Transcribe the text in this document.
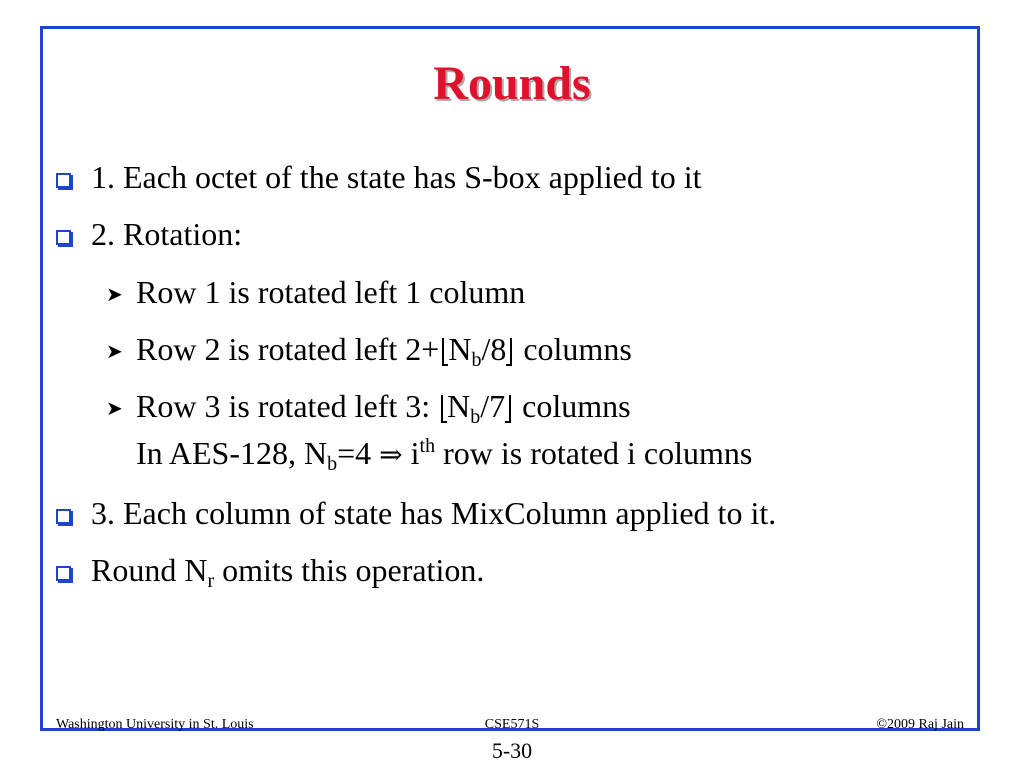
Rounds
1. Each octet of the state has S-box applied to it
2. Rotation:
➤ Row 1 is rotated left 1 column
➤ Row 2 is rotated left $2+ N_b/8$ columns
➤ Row 3 is rotated left 3: $N_b/7$ columns
In AES-128, $N_b=4$ ⇒ $i^{th}$ row is rotated i columns
3. Each column of state has MixColumn applied to it.
Round $N_r$ omits this operation.
Washington University in St. Louis	CSE571S	©2009 Raj Jain
5-30
